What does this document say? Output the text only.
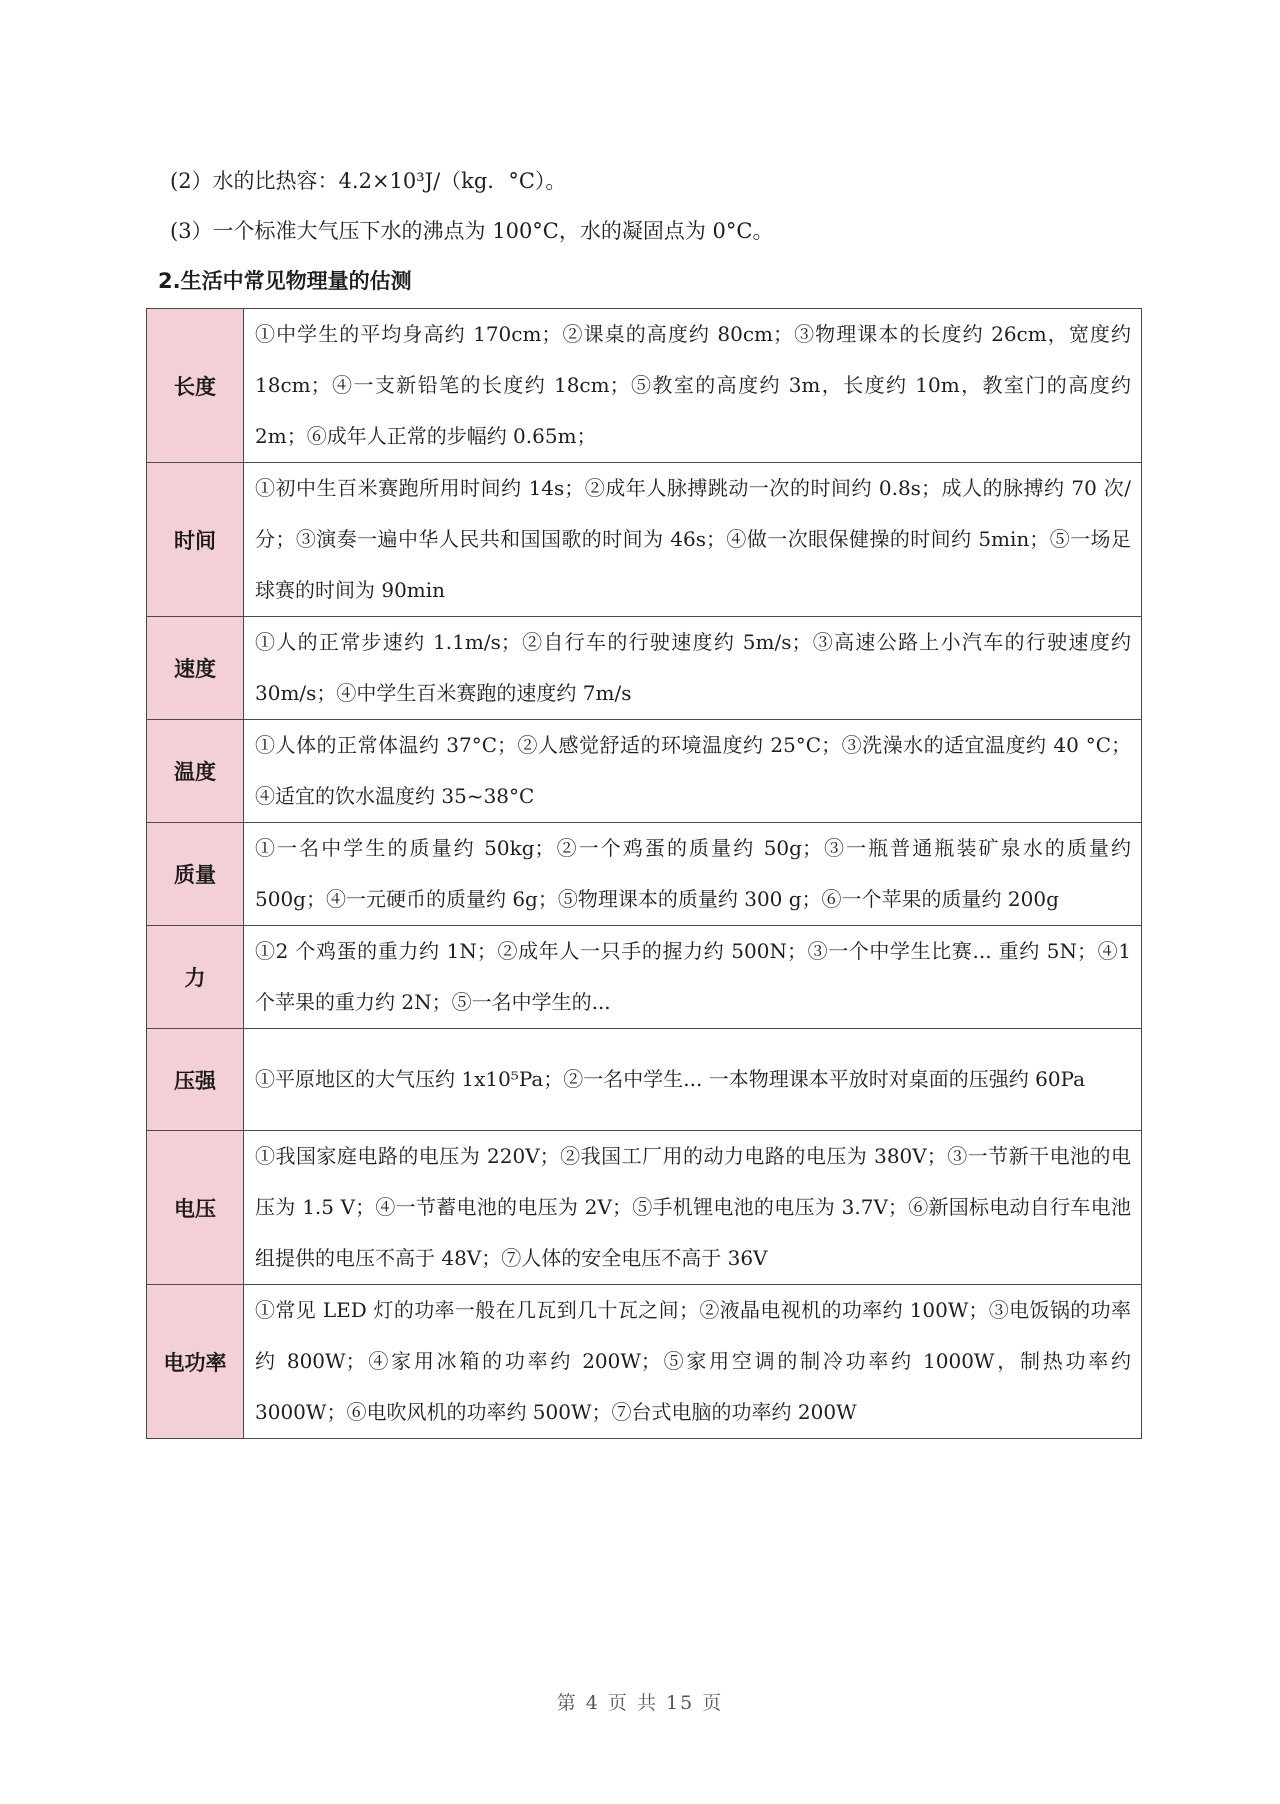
(2）水的比热容：4.2×10³J/（kg．°C）。
(3）一个标准大气压下水的沸点为 100°C，水的凝固点为 0°C。
2.生活中常见物理量的估测
长度	①中学生的平均身高约 170cm；②课桌的高度约 80cm；③物理课本的长度约 26cm，宽度约 18cm；④一支新铅笔的长度约 18cm；⑤教室的高度约 3m，长度约 10m，教室门的高度约 2m；⑥成年人正常的步幅约 0.65m；
时间	①初中生百米赛跑所用时间约 14s；②成年人脉搏跳动一次的时间约 0.8s；成人的脉搏约 70 次/分；③演奏一遍中华人民共和国国歌的时间为 46s；④做一次眼保健操的时间约 5min；⑤一场足球赛的时间为 90min
速度	①人的正常步速约 1.1m/s；②自行车的行驶速度约 5m/s；③高速公路上小汽车的行驶速度约 30m/s；④中学生百米赛跑的速度约 7m/s
温度	①人体的正常体温约 37°C；②人感觉舒适的环境温度约 25°C；③洗澡水的适宜温度约 40 °C；④适宜的饮水温度约 35~38°C
质量	①一名中学生的质量约 50kg；②一个鸡蛋的质量约 50g；③一瓶普通瓶装矿泉水的质量约 500g；④一元硬币的质量约 6g；⑤物理课本的质量约 300 g；⑥一个苹果的质量约 200g
力	①2 个鸡蛋的重力约 1N；②成年人一只手的握力约 500N；③一个中学生比赛... 重约 5N；④1 个苹果的重力约 2N；⑤一名中学生的...
压强	①平原地区的大气压约 1x10⁵Pa；②一名中学生... 一本物理课本平放时对桌面的压强约 60Pa
电压	①我国家庭电路的电压为 220V；②我国工厂用的动力电路的电压为 380V；③一节新干电池的电压为 1.5 V；④一节蓄电池的电压为 2V；⑤手机锂电池的电压为 3.7V；⑥新国标电动自行车电池组提供的电压不高于 48V；⑦人体的安全电压不高于 36V
电功率	①常见 LED 灯的功率一般在几瓦到几十瓦之间；②液晶电视机的功率约 100W；③电饭锅的功率约 800W；④家用冰箱的功率约 200W；⑤家用空调的制冷功率约 1000W，制热功率约 3000W；⑥电吹风机的功率约 500W；⑦台式电脑的功率约 200W
第 4 页 共 15 页
